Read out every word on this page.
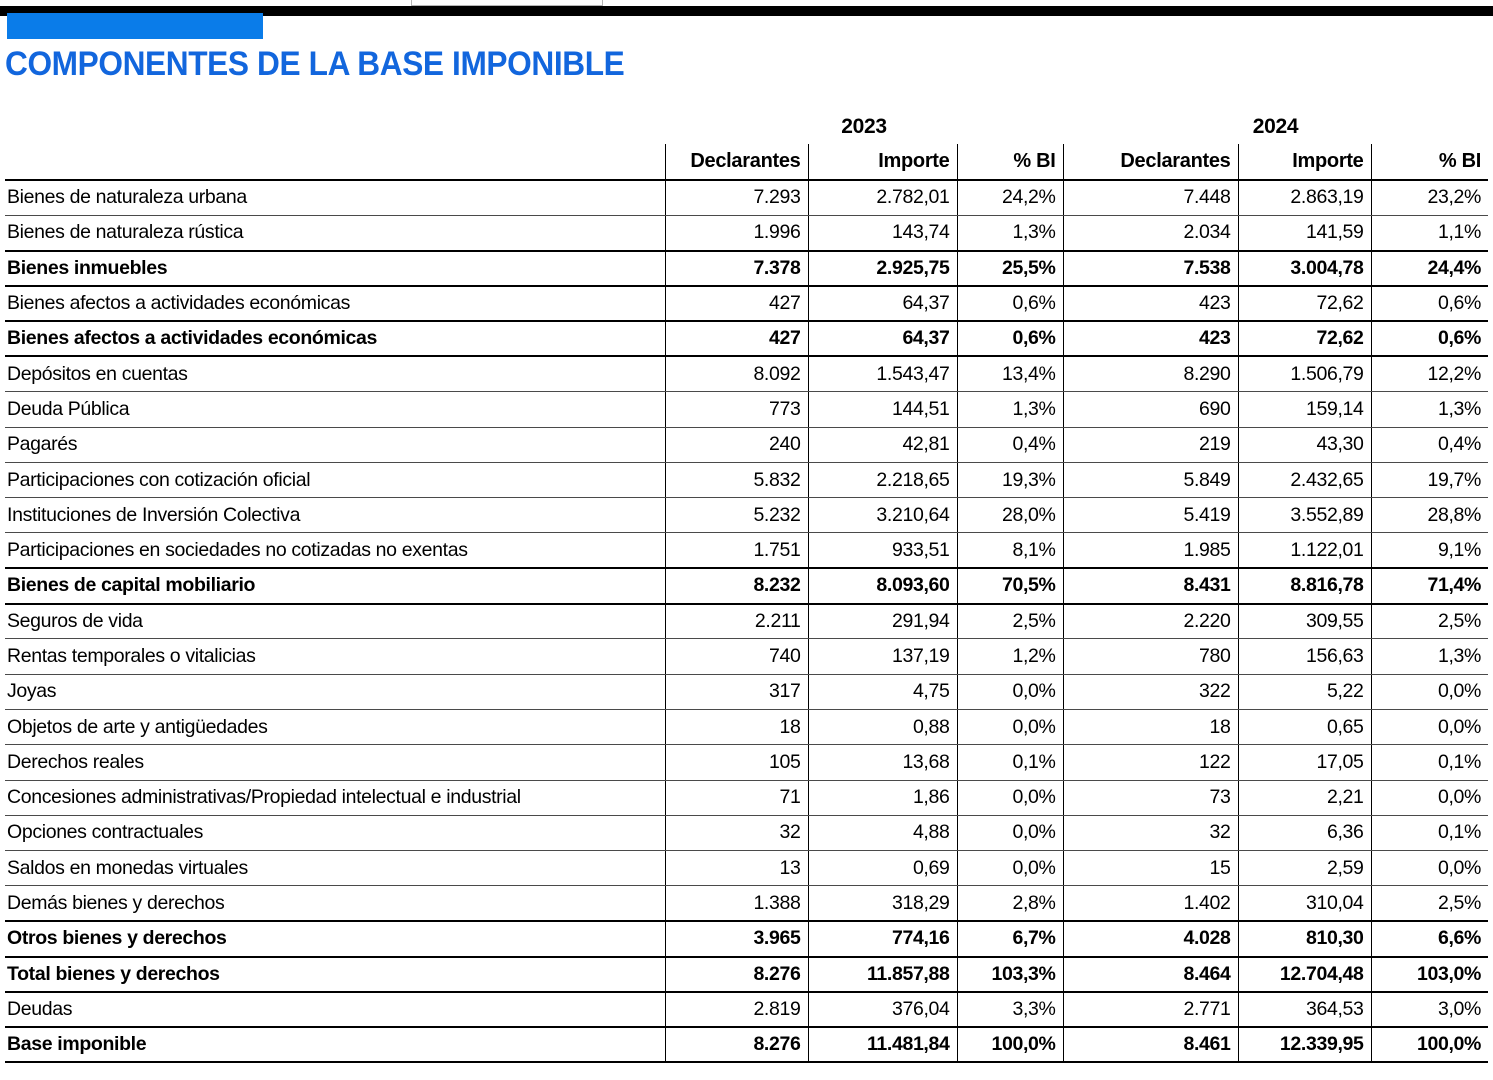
COMPONENTES DE LA BASE IMPONIBLE
	2023			2024		
	Declarantes	Importe	% BI	Declarantes	Importe	% BI
Bienes de naturaleza urbana	7.293	2.782,01	24,2%	7.448	2.863,19	23,2%
Bienes de naturaleza rústica	1.996	143,74	1,3%	2.034	141,59	1,1%
Bienes inmuebles	7.378	2.925,75	25,5%	7.538	3.004,78	24,4%
Bienes afectos a actividades económicas	427	64,37	0,6%	423	72,62	0,6%
Bienes afectos a actividades económicas	427	64,37	0,6%	423	72,62	0,6%
Depósitos en cuentas	8.092	1.543,47	13,4%	8.290	1.506,79	12,2%
Deuda Pública	773	144,51	1,3%	690	159,14	1,3%
Pagarés	240	42,81	0,4%	219	43,30	0,4%
Participaciones con cotización oficial	5.832	2.218,65	19,3%	5.849	2.432,65	19,7%
Instituciones de Inversión Colectiva	5.232	3.210,64	28,0%	5.419	3.552,89	28,8%
Participaciones en sociedades no cotizadas no exentas	1.751	933,51	8,1%	1.985	1.122,01	9,1%
Bienes de capital mobiliario	8.232	8.093,60	70,5%	8.431	8.816,78	71,4%
Seguros de vida	2.211	291,94	2,5%	2.220	309,55	2,5%
Rentas temporales o vitalicias	740	137,19	1,2%	780	156,63	1,3%
Joyas	317	4,75	0,0%	322	5,22	0,0%
Objetos de arte y antigüedades	18	0,88	0,0%	18	0,65	0,0%
Derechos reales	105	13,68	0,1%	122	17,05	0,1%
Concesiones administrativas/Propiedad intelectual e industrial	71	1,86	0,0%	73	2,21	0,0%
Opciones contractuales	32	4,88	0,0%	32	6,36	0,1%
Saldos en monedas virtuales	13	0,69	0,0%	15	2,59	0,0%
Demás bienes y derechos	1.388	318,29	2,8%	1.402	310,04	2,5%
Otros bienes y derechos	3.965	774,16	6,7%	4.028	810,30	6,6%
Total bienes y derechos	8.276	11.857,88	103,3%	8.464	12.704,48	103,0%
Deudas	2.819	376,04	3,3%	2.771	364,53	3,0%
Base imponible	8.276	11.481,84	100,0%	8.461	12.339,95	100,0%
